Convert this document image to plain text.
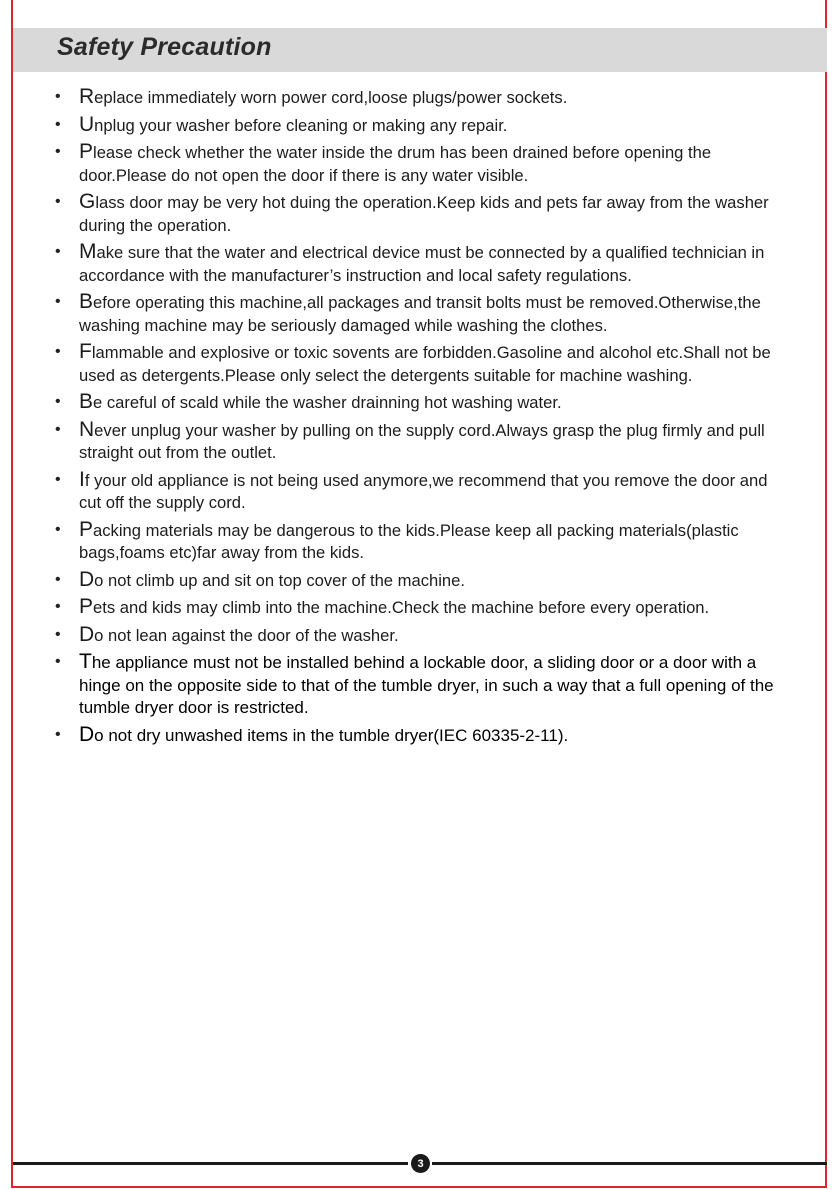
Safety Precaution
• Replace immediately worn power cord,loose plugs/power sockets.
• Unplug your washer before cleaning or making any repair.
• Please check whether the water inside the drum has been drained before opening the door.Please do not open the door if there is any water visible.
• Glass door may be very hot duing the operation.Keep kids and pets far away from the washer during the operation.
• Make sure that the water and electrical device must be connected by a qualified technician in accordance with the manufacturer’s instruction and local safety regulations.
• Before operating this machine,all packages and transit bolts must be removed.Otherwise,the washing machine may be seriously damaged while washing the clothes.
• Flammable and explosive or toxic sovents are forbidden.Gasoline and alcohol etc.Shall not be used as detergents.Please only select the detergents suitable for machine washing.
• Be careful of scald while the washer drainning hot washing water.
• Never unplug your washer by pulling on the supply cord.Always grasp the plug firmly and pull straight out from the outlet.
• If your old appliance is not being used anymore,we recommend that you remove the door and cut off the supply cord.
• Packing materials may be dangerous to the kids.Please keep all packing materials(plastic bags,foams etc)far away from the kids.
• Do not climb up and sit on top cover of the machine.
• Pets and kids may climb into the machine.Check the machine before every operation.
• Do not lean against the door of the washer.
• The appliance must not be installed behind a lockable door, a sliding door or a door with a hinge on the opposite side to that of the tumble dryer, in such a way that a full opening of the tumble dryer door is restricted.
• Do not dry unwashed items in the tumble dryer(IEC 60335-2-11).
3
